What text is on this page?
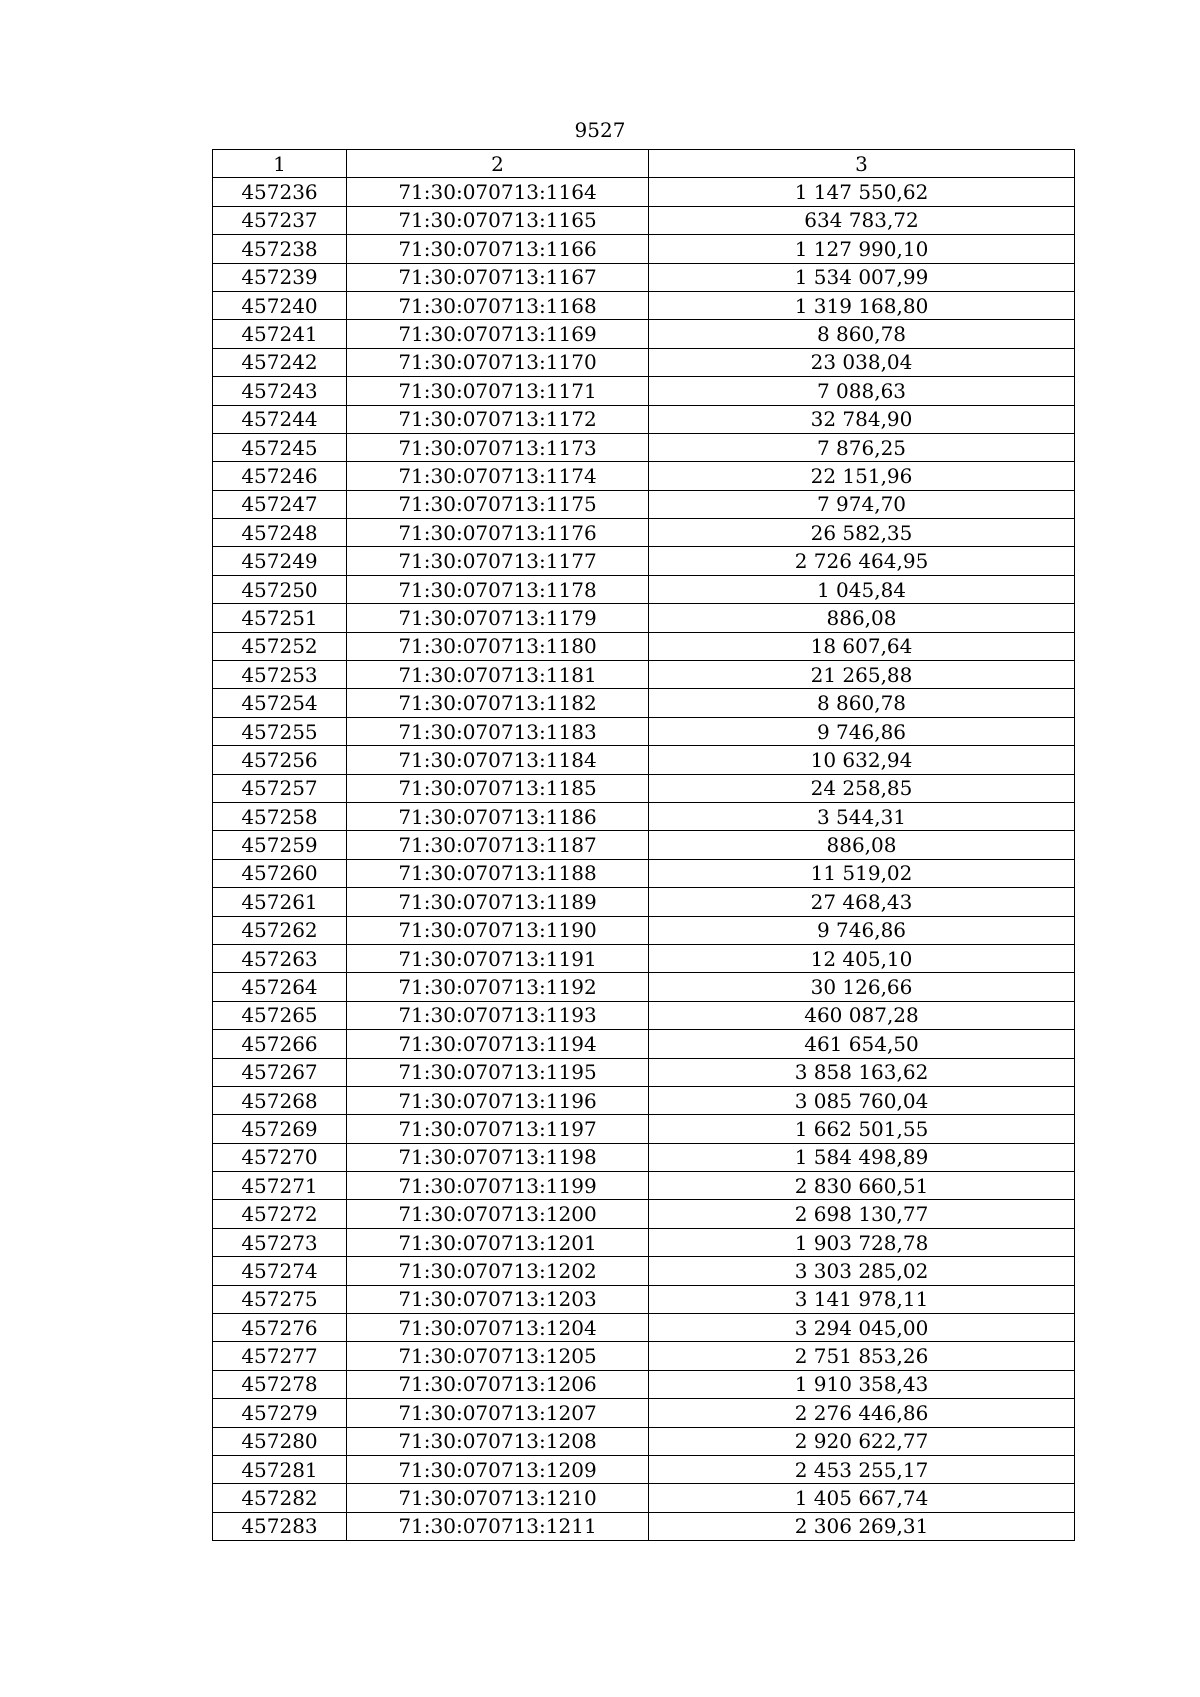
9527
1	2	3
457236	71:30:070713:1164	1 147 550,62
457237	71:30:070713:1165	634 783,72
457238	71:30:070713:1166	1 127 990,10
457239	71:30:070713:1167	1 534 007,99
457240	71:30:070713:1168	1 319 168,80
457241	71:30:070713:1169	8 860,78
457242	71:30:070713:1170	23 038,04
457243	71:30:070713:1171	7 088,63
457244	71:30:070713:1172	32 784,90
457245	71:30:070713:1173	7 876,25
457246	71:30:070713:1174	22 151,96
457247	71:30:070713:1175	7 974,70
457248	71:30:070713:1176	26 582,35
457249	71:30:070713:1177	2 726 464,95
457250	71:30:070713:1178	1 045,84
457251	71:30:070713:1179	886,08
457252	71:30:070713:1180	18 607,64
457253	71:30:070713:1181	21 265,88
457254	71:30:070713:1182	8 860,78
457255	71:30:070713:1183	9 746,86
457256	71:30:070713:1184	10 632,94
457257	71:30:070713:1185	24 258,85
457258	71:30:070713:1186	3 544,31
457259	71:30:070713:1187	886,08
457260	71:30:070713:1188	11 519,02
457261	71:30:070713:1189	27 468,43
457262	71:30:070713:1190	9 746,86
457263	71:30:070713:1191	12 405,10
457264	71:30:070713:1192	30 126,66
457265	71:30:070713:1193	460 087,28
457266	71:30:070713:1194	461 654,50
457267	71:30:070713:1195	3 858 163,62
457268	71:30:070713:1196	3 085 760,04
457269	71:30:070713:1197	1 662 501,55
457270	71:30:070713:1198	1 584 498,89
457271	71:30:070713:1199	2 830 660,51
457272	71:30:070713:1200	2 698 130,77
457273	71:30:070713:1201	1 903 728,78
457274	71:30:070713:1202	3 303 285,02
457275	71:30:070713:1203	3 141 978,11
457276	71:30:070713:1204	3 294 045,00
457277	71:30:070713:1205	2 751 853,26
457278	71:30:070713:1206	1 910 358,43
457279	71:30:070713:1207	2 276 446,86
457280	71:30:070713:1208	2 920 622,77
457281	71:30:070713:1209	2 453 255,17
457282	71:30:070713:1210	1 405 667,74
457283	71:30:070713:1211	2 306 269,31
